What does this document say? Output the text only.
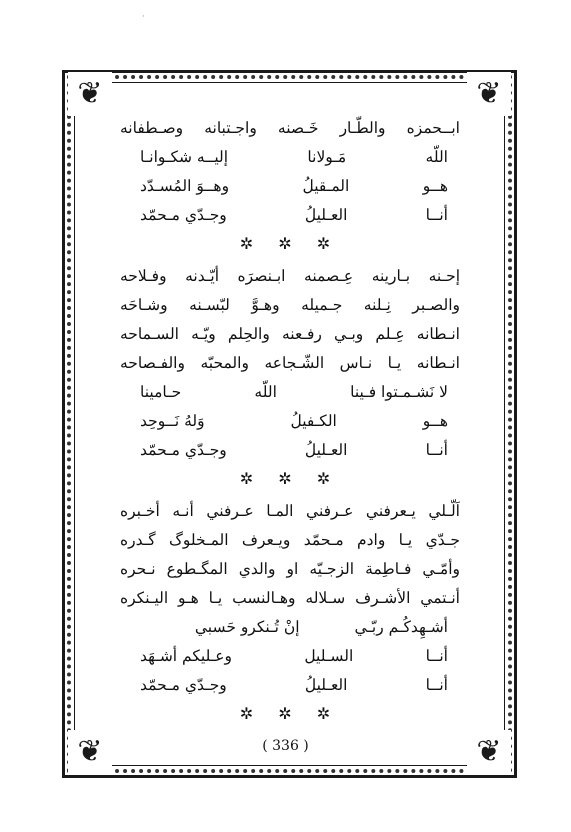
·
❦	❦
❦	❦
ابــحمزه والطّـار خَـصنه واجـتبانه وصـطفانه
اللّه
مَـولانا
إليــه شكـوانـا
هــو
المـقيلُ
وهــوَ المُسـدّد
أنــا
العـليلُ
وجـدّي مـحمّد
✲ ✲ ✲
إحـنه بـارينه عِـصمنه ابـنصرَه أيّـدنه وفـلاحه
والصـبر نِـلنه جـميله وهـوَّ لبّسـنه وشـاحَه
انـطانه عِـلم وبـي رفـعنه والحِلم ويّـه السـماحه
انـطانه يـا نـاس الشّـجاعه والمحبّه والفـصاحه
لا نَشـمـتوا فـينا
اللّه
حـامينا
هــو
الكـفيلُ
وَلهُ نَــوحِد
أنــا
العـليلُ
وجـدّي مـحمّد
✲ ✲ ✲
اَلّـلي يـعرفني عـرفني المـا عـرفني أنـه أخـبره
جـدّي يـا وادم مـحمّد ويـعرف المـخلوگ گـدره
وأمّـي فـاطِمة الزجـيّه او والدي المگـطوع نـحره
أنـتمي الأشـرف سـلاله وهـالنسب يـا هـو اليـنكره
أشـهِدكُـم ربّـي
إنْ تُـنكرو حَسبي
أنــا
السـليل
وعـليكم أشـهَد
أنــا
العـليلُ
وجـدّي مـحمّد
✲ ✲ ✲
( 336 )
